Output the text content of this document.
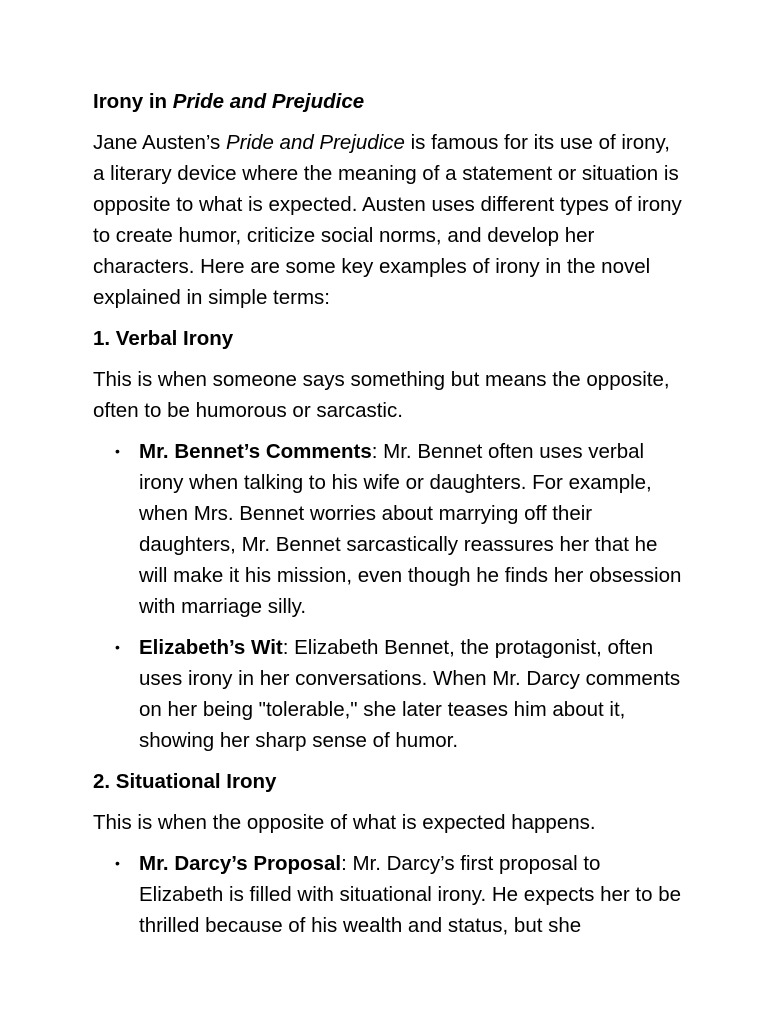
Irony in Pride and Prejudice
Jane Austen’s Pride and Prejudice is famous for its use of irony, a literary device where the meaning of a statement or situation is opposite to what is expected. Austen uses different types of irony to create humor, criticize social norms, and develop her characters. Here are some key examples of irony in the novel explained in simple terms:
1. Verbal Irony
This is when someone says something but means the opposite, often to be humorous or sarcastic.
• Mr. Bennet’s Comments: Mr. Bennet often uses verbal irony when talking to his wife or daughters. For example, when Mrs. Bennet worries about marrying off their daughters, Mr. Bennet sarcastically reassures her that he will make it his mission, even though he finds her obsession with marriage silly.
• Elizabeth’s Wit: Elizabeth Bennet, the protagonist, often uses irony in her conversations. When Mr. Darcy comments on her being "tolerable," she later teases him about it, showing her sharp sense of humor.
2. Situational Irony
This is when the opposite of what is expected happens.
• Mr. Darcy’s Proposal: Mr. Darcy’s first proposal to Elizabeth is filled with situational irony. He expects her to be thrilled because of his wealth and status, but she
